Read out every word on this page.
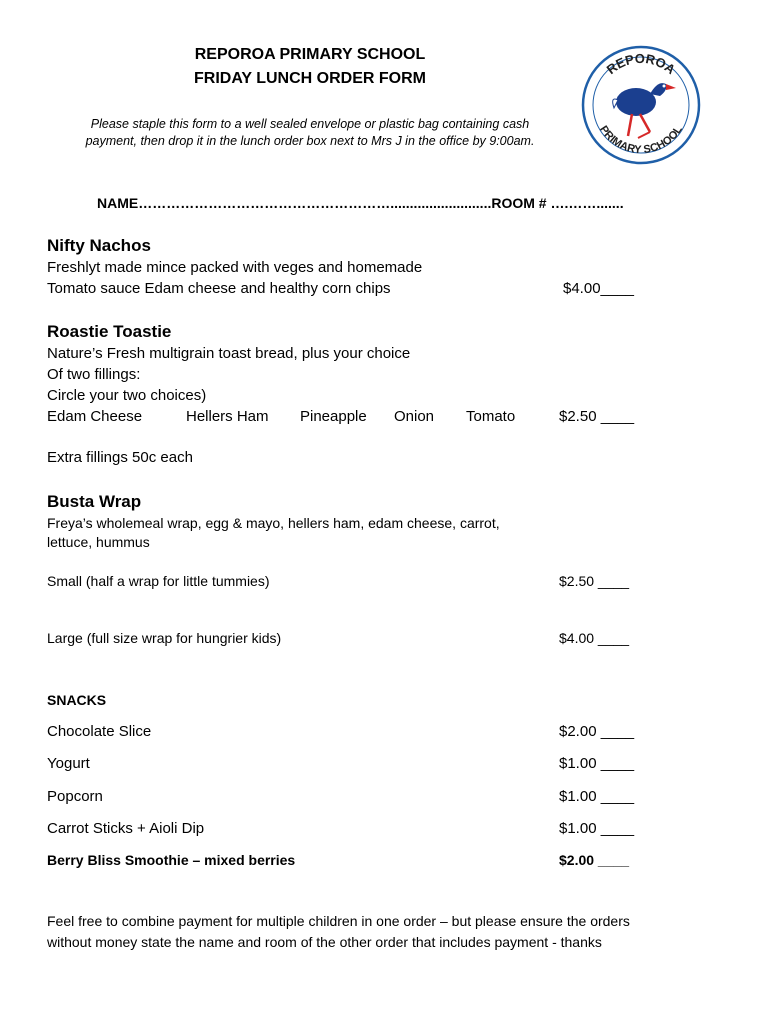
REPOROA PRIMARY SCHOOL
FRIDAY LUNCH ORDER FORM
Please staple this form to a well sealed envelope or plastic bag containing cash
payment, then drop it in the lunch order box next to Mrs J in the office by 9:00am.
REPOROA
PRIMARY SCHOOL
NAME………………………………………………..........................ROOM # ….…….......
Nifty Nachos
Freshlyt made mince packed with veges and homemade
Tomato sauce Edam cheese and healthy corn chips	$4.00____
Roastie Toastie
Nature’s Fresh multigrain toast bread, plus your choice
Of two fillings:
Circle your two choices)
Edam Cheese	Hellers Ham Pineapple Onion Tomato	$2.50 ____
Extra fillings 50c each
Busta Wrap
Freya’s wholemeal wrap, egg & mayo, hellers ham, edam cheese, carrot,
lettuce, hummus
Small (half a wrap for little tummies)	$2.50 ____
Large (full size wrap for hungrier kids)	$4.00 ____
SNACKS
Chocolate Slice	$2.00 ____
Yogurt	$1.00 ____
Popcorn	$1.00 ____
Carrot Sticks + Aioli Dip	$1.00 ____
Berry Bliss Smoothie – mixed berries	$2.00 ____
Feel free to combine payment for multiple children in one order – but please ensure the orders
without money state the name and room of the other order that includes payment - thanks
